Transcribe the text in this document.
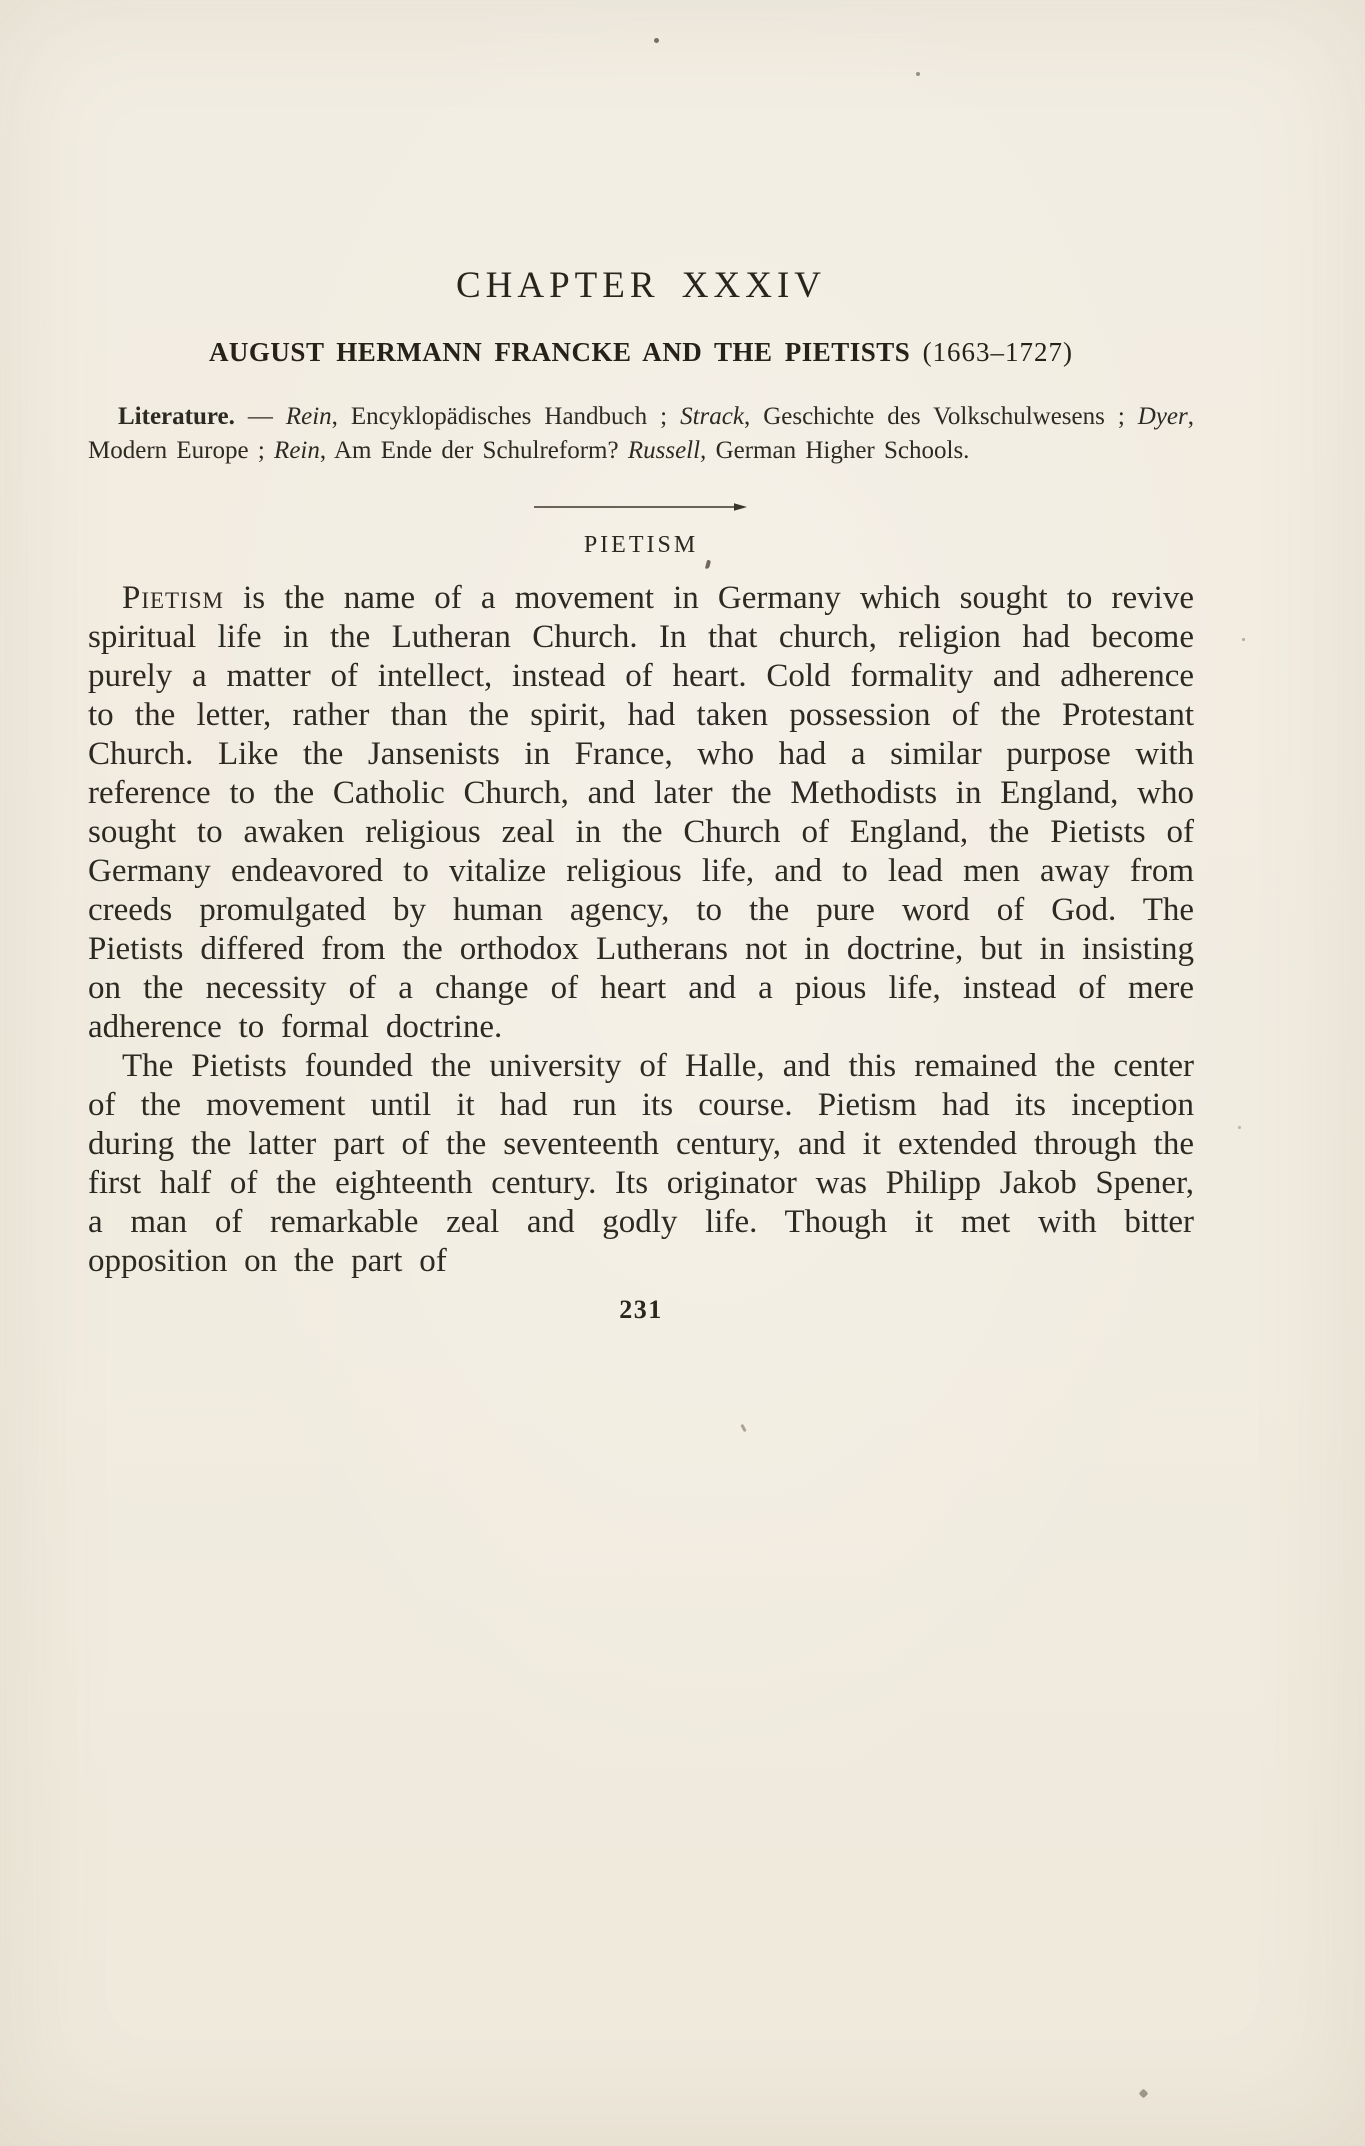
CHAPTER XXXIV
AUGUST HERMANN FRANCKE AND THE PIETISTS (1663–1727)

Literature. — Rein, Encyklopädisches Handbuch ; Strack, Geschichte des Volkschulwesens ; Dyer, Modern Europe ; Rein, Am Ende der Schulreform? Russell, German Higher Schools.

PIETISM

Pietism is the name of a movement in Germany which sought to revive spiritual life in the Lutheran Church. In that church, religion had become purely a matter of intellect, instead of heart. Cold formality and adherence to the letter, rather than the spirit, had taken possession of the Protestant Church. Like the Jansenists in France, who had a similar purpose with reference to the Catholic Church, and later the Methodists in England, who sought to awaken religious zeal in the Church of England, the Pietists of Germany endeavored to vitalize religious life, and to lead men away from creeds promulgated by human agency, to the pure word of God. The Pietists differed from the orthodox Lutherans not in doctrine, but in insisting on the necessity of a change of heart and a pious life, instead of mere adherence to formal doctrine.

The Pietists founded the university of Halle, and this remained the center of the movement until it had run its course. Pietism had its inception during the latter part of the seventeenth century, and it extended through the first half of the eighteenth century. Its originator was Philipp Jakob Spener, a man of remarkable zeal and godly life. Though it met with bitter opposition on the part of

231
